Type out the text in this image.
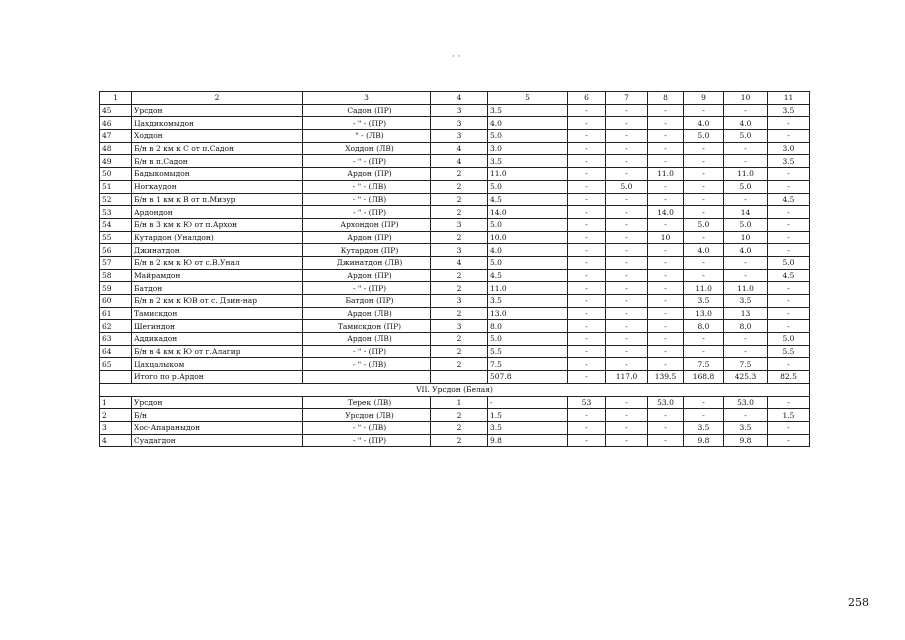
· ·
1	2	3	4	5	6	7	8	9	10	11
45	Урсдон	Садон (ПР)	3	3.5	-	-	-	-	-	3.5
46	Цахдикомыдон	- " - (ПР)	3	4.0	-	-	-	4.0	4.0	-
47	Ходдон	" - (ЛВ)	3	5.0	-	-	-	5.0	5.0	-
48	Б/н в 2 км к С от п.Садон	Ходдон (ЛВ)	4	3.0	-	-	-	-	-	3.0
49	Б/н в п.Садон	- " - (ПР)	4	3.5	-	-	-	-	-	3.5
50	Бадыкомыдон	Ардон (ПР)	2	11.0	-	-	11.0	-	11.0	-
51	Ногкаудон	- " - (ЛВ)	2	5.0	-	5.0	-	-	5.0	-
52	Б/н в 1 км к В от п.Мизур	- " - (ЛВ)	2	4.5	-	-	-	-	-	4.5
53	Ардондон	- " - (ПР)	2	14.0	-	-	14.0	-	14	-
54	Б/н в 3 км к Ю от п.Архон	Архондон (ПР)	3	5.0	-	-	-	5.0	5.0	-
55	Кутардон (Уналдон)	Ардон (ПР)	2	10.0	-	-	10	-	10	-
56	Джинатдон	Кутардон (ПР)	3	4.0	-	-	-	4.0	4.0	-
57	Б/н в 2 км к Ю от с.В.Унал	Джинатдон (ЛВ)	4	5.0	-	-	-	-	-	5.0
58	Майрамдон	Ардон (ПР)	2	4.5	-	-	-	-	-	4.5
59	Батдон	- " - (ПР)	2	11.0	-	-	-	11.0	11.0	-
60	Б/н в 2 км к ЮВ от с. Дзин-нар	Батдон (ПР)	3	3.5	-	-	-	3.5	3.5	-
61	Тамискдон	Ардон (ЛВ)	2	13.0	-	-	-	13.0	13	-
62	Шегиндон	Тамискдон (ПР)	3	8.0	-	-	-	8.0	8.0	-
63	Аддикадон	Ардон (ЛВ)	2	5.0	-	-	-	-	-	5.0
64	Б/н в 4 км к Ю от г.Алагир	- " - (ПР)	2	5.5	-	-	-	-	-	5.5
65	Цахцалыком	- " - (ЛВ)	2	7.5	-	-	-	7.5	7.5	-
	Итого по р.Ардон			507.8	-	117.0	139.5	168.8	425.3	82.5
VII. Урсдон (Белая)										
1	Урсдон	Терек (ЛВ)	1	-	53	-	53.0	-	53.0	-
2	Б/н	Урсдон (ЛВ)	2	1.5	-	-	-	-	-	1.5
3	Хос-Апараныдон	- " - (ЛВ)	2	3.5	-	-	-	3.5	3.5	-
4	Суадагдон	- " - (ПР)	2	9.8	-	-	-	9.8	9.8	-
258
